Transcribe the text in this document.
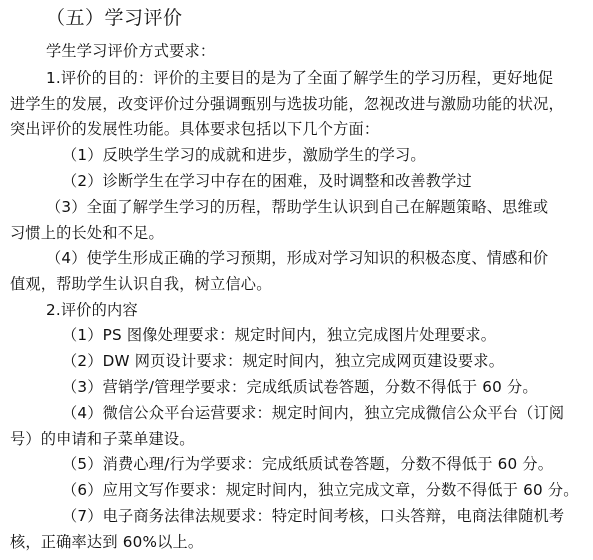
（五）学习评价
学生学习评价方式要求：
1.评价的目的：评价的主要目的是为了全面了解学生的学习历程，更好地促
进学生的发展，改变评价过分强调甄别与选拔功能，忽视改进与激励功能的状况，
突出评价的发展性功能。具体要求包括以下几个方面：
（1）反映学生学习的成就和进步，激励学生的学习。
（2）诊断学生在学习中存在的困难，及时调整和改善教学过
（3）全面了解学生学习的历程，帮助学生认识到自己在解题策略、思维或
习惯上的长处和不足。
（4）使学生形成正确的学习预期，形成对学习知识的积极态度、情感和价
值观，帮助学生认识自我，树立信心。
2.评价的内容
（1）PS 图像处理要求：规定时间内，独立完成图片处理要求。
（2）DW 网页设计要求：规定时间内，独立完成网页建设要求。
（3）营销学/管理学要求：完成纸质试卷答题，分数不得低于 60 分。
（4）微信公众平台运营要求：规定时间内，独立完成微信公众平台（订阅
号）的申请和子菜单建设。
（5）消费心理/行为学要求：完成纸质试卷答题，分数不得低于 60 分。
（6）应用文写作要求：规定时间内，独立完成文章，分数不得低于 60 分。
（7）电子商务法律法规要求：特定时间考核，口头答辩，电商法律随机考
核，正确率达到 60%以上。
